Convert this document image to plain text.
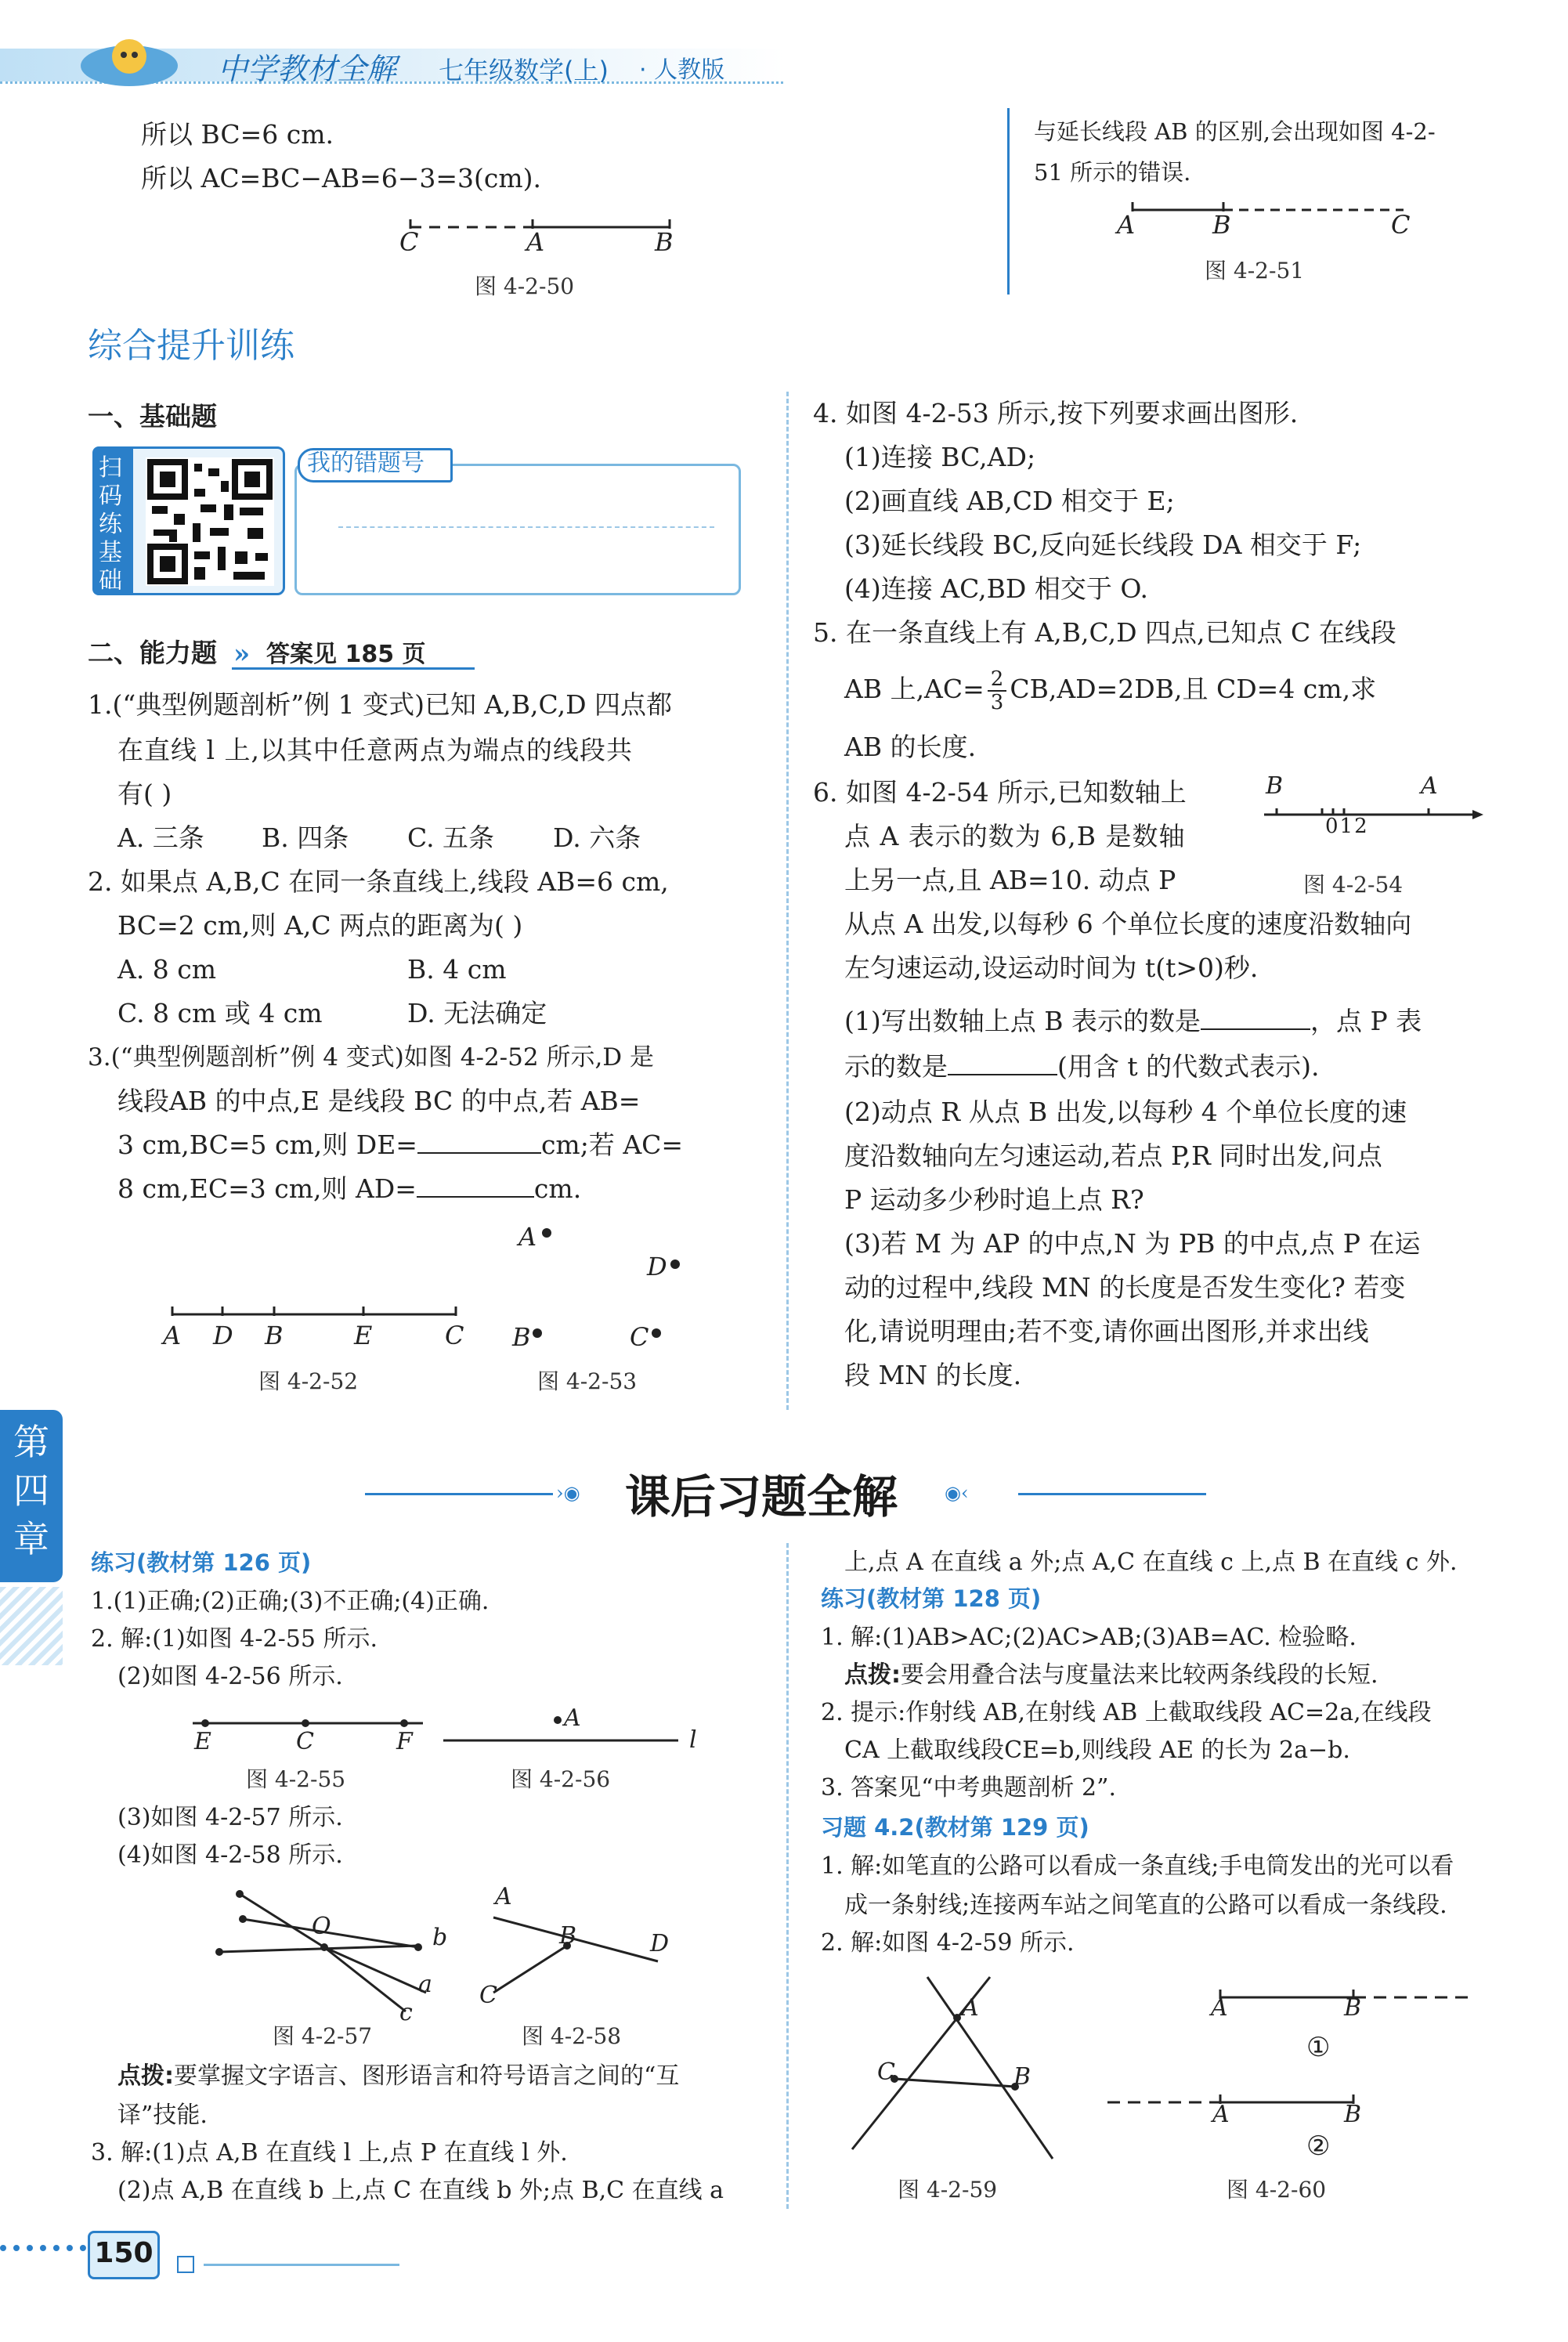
中学教材全解 七年级数学(上) · 人教版
所以 BC=6 cm.
所以 AC=BC−AB=6−3=3(cm).
C	A	B
图 4-2-50
与延长线段 AB 的区别,会出现如图 4-2-
51 所示的错误.
A	B	C
图 4-2-51
综合提升训练
一、基础题
扫码练基础
我的错题号
二、能力题 » 答案见 185 页
1.(“典型例题剖析”例 1 变式)已知 A,B,C,D 四点都
在直线 l 上,以其中任意两点为端点的线段共
有( )
A. 三条 B. 四条 C. 五条 D. 六条
2. 如果点 A,B,C 在同一条直线上,线段 AB=6 cm,
BC=2 cm,则 A,C 两点的距离为( )
A. 8 cm	B. 4 cm
C. 8 cm 或 4 cm	D. 无法确定
3.(“典型例题剖析”例 4 变式)如图 4-2-52 所示,D 是
线段AB 的中点,E 是线段 BC 的中点,若 AB=
3 cm,BC=5 cm,则 DE=	cm;若 AC=
8 cm,EC=3 cm,则 AD=	cm.
A D B	E	C
图 4-2-52
A
D
B	C
图 4-2-53
4. 如图 4-2-53 所示,按下列要求画出图形.
(1)连接 BC,AD;
(2)画直线 AB,CD 相交于 E;
(3)延长线段 BC,反向延长线段 DA 相交于 F;
(4)连接 AC,BD 相交于 O.
5. 在一条直线上有 A,B,C,D 四点,已知点 C 在线段
AB 上$,AC= \frac{2}{3} CB,AD=2DB$,且 CD=4 cm,求
AB 的长度.
6. 如图 4-2-54 所示,已知数轴上
点 A 表示的数为 6,B 是数轴
上另一点,且 AB=10. 动点 P
B	A
012
图 4-2-54
从点 A 出发,以每秒 6 个单位长度的速度沿数轴向
左匀速运动,设运动时间为 t(t>0)秒.
(1)写出数轴上点 B 表示的数是	，点 P 表
示的数是	(用含 t 的代数式表示).
(2)动点 R 从点 B 出发,以每秒 4 个单位长度的速
度沿数轴向左匀速运动,若点 P,R 同时出发,问点
P 运动多少秒时追上点 R?
(3)若 M 为 AP 的中点,N 为 PB 的中点,点 P 在运
动的过程中,线段 MN 的长度是否发生变化? 若变
化,请说明理由;若不变,请你画出图形,并求出线
段 MN 的长度.
第四章
›◉ 课后习题全解 ◉‹
练习(教材第 126 页)
1.(1)正确;(2)正确;(3)不正确;(4)正确.
2. 解:(1)如图 4-2-55 所示.
(2)如图 4-2-56 所示.
E	C	F
图 4-2-55
A
l
图 4-2-56
(3)如图 4-2-57 所示.
(4)如图 4-2-58 所示.
O	b
a
c
图 4-2-57
A
B	D
C
图 4-2-58
点拨:要掌握文字语言、图形语言和符号语言之间的“互
译”技能.
3. 解:(1)点 A,B 在直线 l 上,点 P 在直线 l 外.
(2)点 A,B 在直线 b 上,点 C 在直线 b 外;点 B,C 在直线 a
上,点 A 在直线 a 外;点 A,C 在直线 c 上,点 B 在直线 c 外.
练习(教材第 128 页)
1. 解:(1)AB>AC;(2)AC>AB;(3)AB=AC. 检验略.
点拨:要会用叠合法与度量法来比较两条线段的长短.
2. 提示:作射线 AB,在射线 AB 上截取线段 AC=2a,在线段
CA 上截取线段CE=b,则线段 AE 的长为 2a−b.
3. 答案见“中考典题剖析 2”.
习题 4.2(教材第 129 页)
1. 解:如笔直的公路可以看成一条直线;手电筒发出的光可以看
成一条射线;连接两车站之间笔直的公路可以看成一条线段.
2. 解:如图 4-2-59 所示.
A
C	B
图 4-2-59
A	B
①
A	B
②
图 4-2-60
150
